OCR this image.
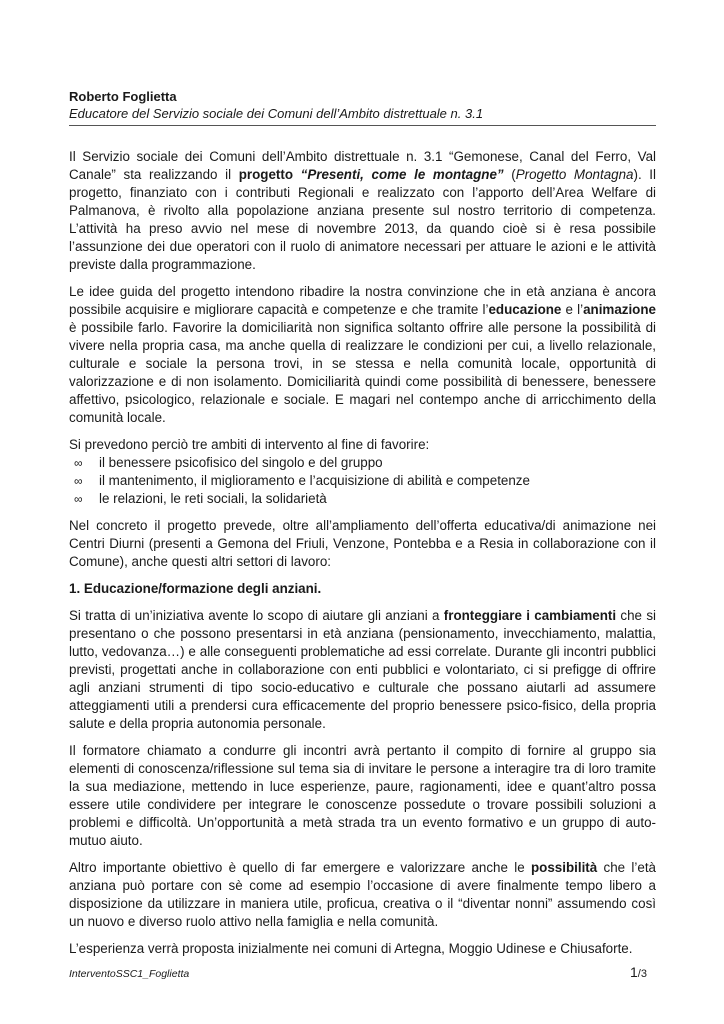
Roberto Foglietta
Educatore del Servizio sociale dei Comuni dell’Ambito distrettuale n. 3.1

Il Servizio sociale dei Comuni dell’Ambito distrettuale n. 3.1 “Gemonese, Canal del Ferro, Val Canale” sta realizzando il progetto “Presenti, come le montagne” (Progetto Montagna). Il progetto, finanziato con i contributi Regionali e realizzato con l’apporto dell’Area Welfare di Palmanova, è rivolto alla popolazione anziana presente sul nostro territorio di competenza. L’attività ha preso avvio nel mese di novembre 2013, da quando cioè si è resa possibile l’assunzione dei due operatori con il ruolo di animatore necessari per attuare le azioni e le attività previste dalla programmazione.

Le idee guida del progetto intendono ribadire la nostra convinzione che in età anziana è ancora possibile acquisire e migliorare capacità e competenze e che tramite l’educazione e l’animazione è possibile farlo. Favorire la domiciliarità non significa soltanto offrire alle persone la possibilità di vivere nella propria casa, ma anche quella di realizzare le condizioni per cui, a livello relazionale, culturale e sociale la persona trovi, in se stessa e nella comunità locale, opportunità di valorizzazione e di non isolamento. Domiciliarità quindi come possibilità di benessere, benessere affettivo, psicologico, relazionale e sociale. E magari nel contempo anche di arricchimento della comunità locale.

Si prevedono perciò tre ambiti di intervento al fine di favorire:

∞ il benessere psicofisico del singolo e del gruppo
∞ il mantenimento, il miglioramento e l’acquisizione di abilità e competenze
∞ le relazioni, le reti sociali, la solidarietà

Nel concreto il progetto prevede, oltre all’ampliamento dell’offerta educativa/di animazione nei Centri Diurni (presenti a Gemona del Friuli, Venzone, Pontebba e a Resia in collaborazione con il Comune), anche questi altri settori di lavoro:

1. Educazione/formazione degli anziani.

Si tratta di un’iniziativa avente lo scopo di aiutare gli anziani a fronteggiare i cambiamenti che si presentano o che possono presentarsi in età anziana (pensionamento, invecchiamento, malattia, lutto, vedovanza…) e alle conseguenti problematiche ad essi correlate. Durante gli incontri pubblici previsti, progettati anche in collaborazione con enti pubblici e volontariato, ci si prefigge di offrire agli anziani strumenti di tipo socio-educativo e culturale che possano aiutarli ad assumere atteggiamenti utili a prendersi cura efficacemente del proprio benessere psico-fisico, della propria salute e della propria autonomia personale.

Il formatore chiamato a condurre gli incontri avrà pertanto il compito di fornire al gruppo sia elementi di conoscenza/riflessione sul tema sia di invitare le persone a interagire tra di loro tramite la sua mediazione, mettendo in luce esperienze, paure, ragionamenti, idee e quant’altro possa essere utile condividere per integrare le conoscenze possedute o trovare possibili soluzioni a problemi e difficoltà. Un’opportunità a metà strada tra un evento formativo e un gruppo di auto-mutuo aiuto.

Altro importante obiettivo è quello di far emergere e valorizzare anche le possibilità che l’età anziana può portare con sè come ad esempio l’occasione di avere finalmente tempo libero a disposizione da utilizzare in maniera utile, proficua, creativa o il “diventar nonni” assumendo così un nuovo e diverso ruolo attivo nella famiglia e nella comunità.

L’esperienza verrà proposta inizialmente nei comuni di Artegna, Moggio Udinese e Chiusaforte.

InterventoSSC1_Foglietta	1/3
